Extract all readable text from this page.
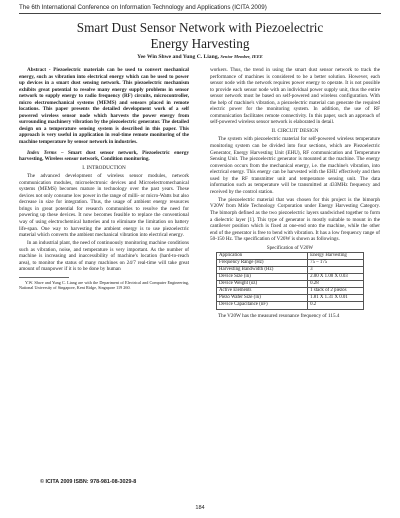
The 6th International Conference on Information Technology and Applications (ICITA 2009)
Smart Dust Sensor Network with Piezoelectric
Energy Harvesting
Yee Win Shwe and Yung C. Liang, Senior Member, IEEE

Abstract - Piezoelectric materials can be used to convert mechanical energy, such as vibration into electrical energy which can be used to power up devices in a smart dust sensing network. This piezoelectric mechanism exhibits great potential to resolve many energy supply problems in sensor network to supply energy to radio frequency (RF) circuits, microcontroller, micro electromechanical systems (MEMS) and sensors placed in remote locations. This paper presents the detailed development work of a self powered wireless sensor node which harvests the power energy from surrounding machinery vibration by the piezoelectric generator. The detailed design on a temperature sensing system is described in this paper. This approach is very useful in application in real-time remote monitoring of the machine temperature by sensor network in industries.

Index Terms – Smart dust sensor network, Piezoelectric energy harvesting, Wireless sensor network, Condition monitoring.

I. INTRODUCTION

The advanced development of wireless sensor modules, network communication modules, microelectronic devices and Microelectromechanical systems (MEMS) becomes mature in technology over the past years. These devices not only consume low power in the range of milli- or micro-Watts but also decrease in size for integration. Thus, the usage of ambient energy resources brings in great potential for research communities to resolve the need for powering up these devices. It now becomes feasible to replace the conventional way of using electrochemical batteries and to eliminate the limitation on battery life-span. One way to harvesting the ambient energy is to use piezoelectric material which converts the ambient mechanical vibration into electrical energy.

In an industrial plant, the need of continuously monitoring machine conditions such as vibration, noise, and temperature is very important. As the number of machine is increasing and inaccessibility of machine's location (hard-to-reach area), to monitor the status of many machines on 24/7 real-time will take great amount of manpower if it is to be done by human

Y.W. Shwe and Yung C. Liang are with the Department of Electrical and Computer Engineering, National University of Singapore, Kent Ridge, Singapore 119 260.

workers. Thus, the trend in using the smart dust sensor network to track the performance of machines is considered to be a better solution. However, each sensor node with the network requires power energy to operate. It is not possible to provide each sensor node with an individual power supply unit, thus the entire sensor network must be based on self-powered and wireless configuration. With the help of machine's vibration, a piezoelectric material can generate the required electric power for the monitoring system. In addition, the use of RF communication facilitates remote connectivity. In this paper, such an approach of self-powered wireless sensor network is elaborated in detail.

II. CIRCUIT DESIGN

The system with piezoelectric material for self-powered wireless temperature monitoring system can be divided into four sections, which are Piezoelectric Generator, Energy Harvesting Unit (EHU), RF communication and Temperature Sensing Unit. The piezoelectric generator is mounted at the machine. The energy conversion occurs from the mechanical energy, i.e. the machine's vibration, into electrical energy. This energy can be harvested with the EHU effectively and then used by the RF transmitter unit and temperature sensing unit. The data information such as temperature will be transmitted at 433MHz frequency and received by the control station.

The piezoelectric material that was chosen for this project is the bimorph V20W from Mide Technology Corporation under Energy Harvesting Category. The bimorph defined as the two piezoelectric layers sandwiched together to form a dielectric layer [1]. This type of generator is mostly suitable to mount in the cantilever position which is fixed at one-end onto the machine, while the other end of the generator is free to bend with vibration. It has a low frequency range of 50-150 Hz. The specification of V20W is shown as followings.

Specification of V20W
Application	Energy Harvesting
Frequency Range (Hz)	75 – 175
Harvesting Bandwidth (Hz)	3
Device Size (in)	2.00 X 1.00 X 0.03
Device Weight (oz)	0.28
Active Elements	1 stack of 2 piezos
Piezo Wafer Size (in)	1.81 X 1.31 X 0.01
Device Capacitance (nF)	0.2

The V20W has the measured resonance frequency of 115.4

© ICITA 2009 ISBN: 978-981-08-3029-8
184
